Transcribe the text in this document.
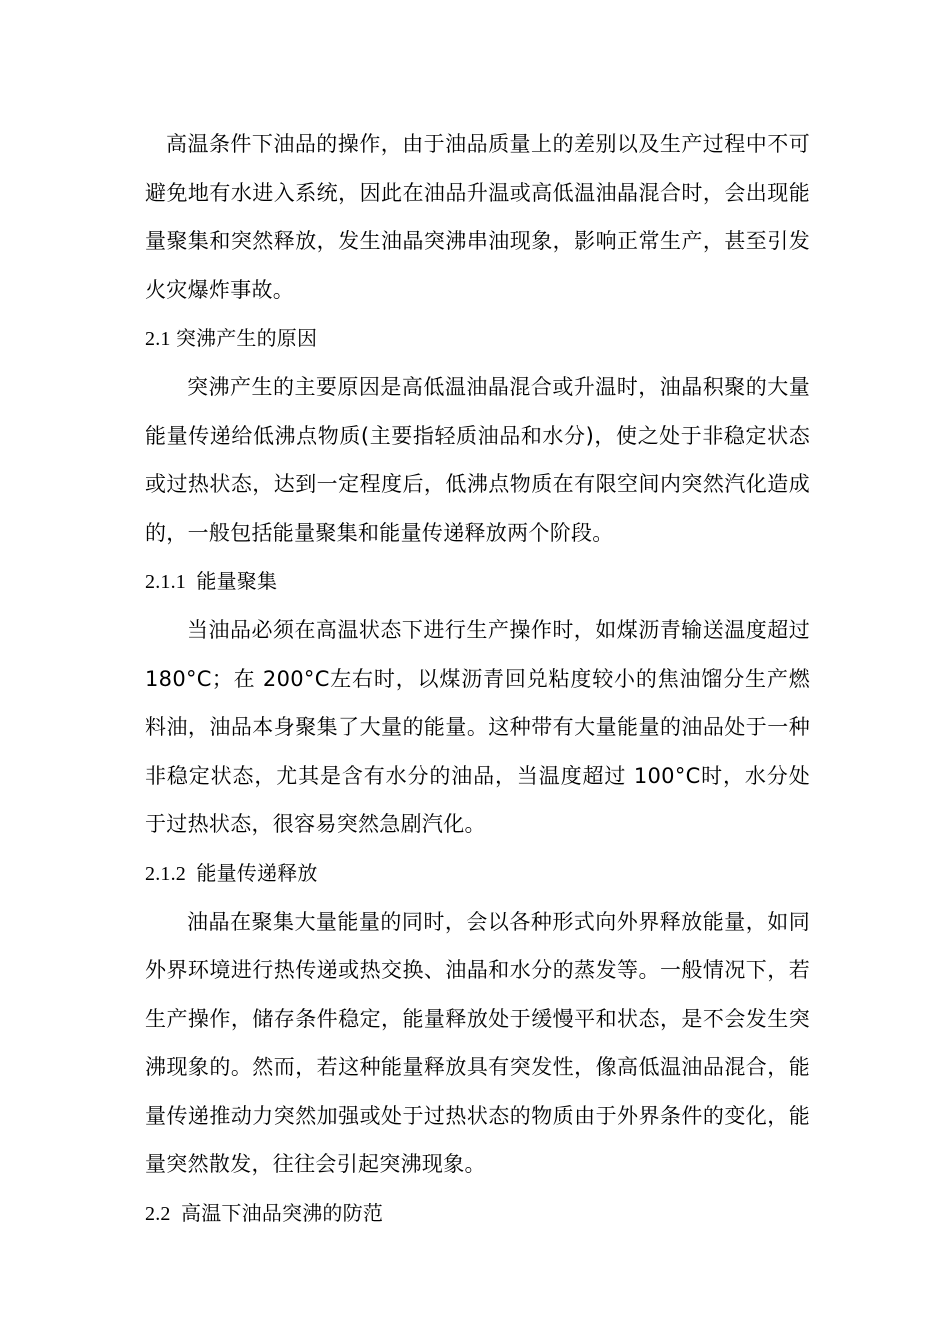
高温条件下油品的操作，由于油品质量上的差别以及生产过程中不可避免地有水进入系统，因此在油品升温或高低温油晶混合时，会出现能量聚集和突然释放，发生油晶突沸串油现象，影响正常生产，甚至引发火灾爆炸事故。

2.1 突沸产生的原因

突沸产生的主要原因是高低温油晶混合或升温时，油晶积聚的大量能量传递给低沸点物质(主要指轻质油品和水分)，使之处于非稳定状态或过热状态，达到一定程度后，低沸点物质在有限空间内突然汽化造成的，一般包括能量聚集和能量传递释放两个阶段。

2.1.1 能量聚集

当油品必须在高温状态下进行生产操作时，如煤沥青输送温度超过 180°C；在 200°C左右时，以煤沥青回兑粘度较小的焦油馏分生产燃料油，油品本身聚集了大量的能量。这种带有大量能量的油品处于一种非稳定状态，尤其是含有水分的油品，当温度超过 100°C时，水分处于过热状态，很容易突然急剧汽化。

2.1.2 能量传递释放

油晶在聚集大量能量的同时，会以各种形式向外界释放能量，如同外界环境进行热传递或热交换、油晶和水分的蒸发等。一般情况下，若生产操作，储存条件稳定，能量释放处于缓慢平和状态，是不会发生突沸现象的。然而，若这种能量释放具有突发性，像高低温油品混合，能量传递推动力突然加强或处于过热状态的物质由于外界条件的变化，能量突然散发，往往会引起突沸现象。

2.2 高温下油品突沸的防范
